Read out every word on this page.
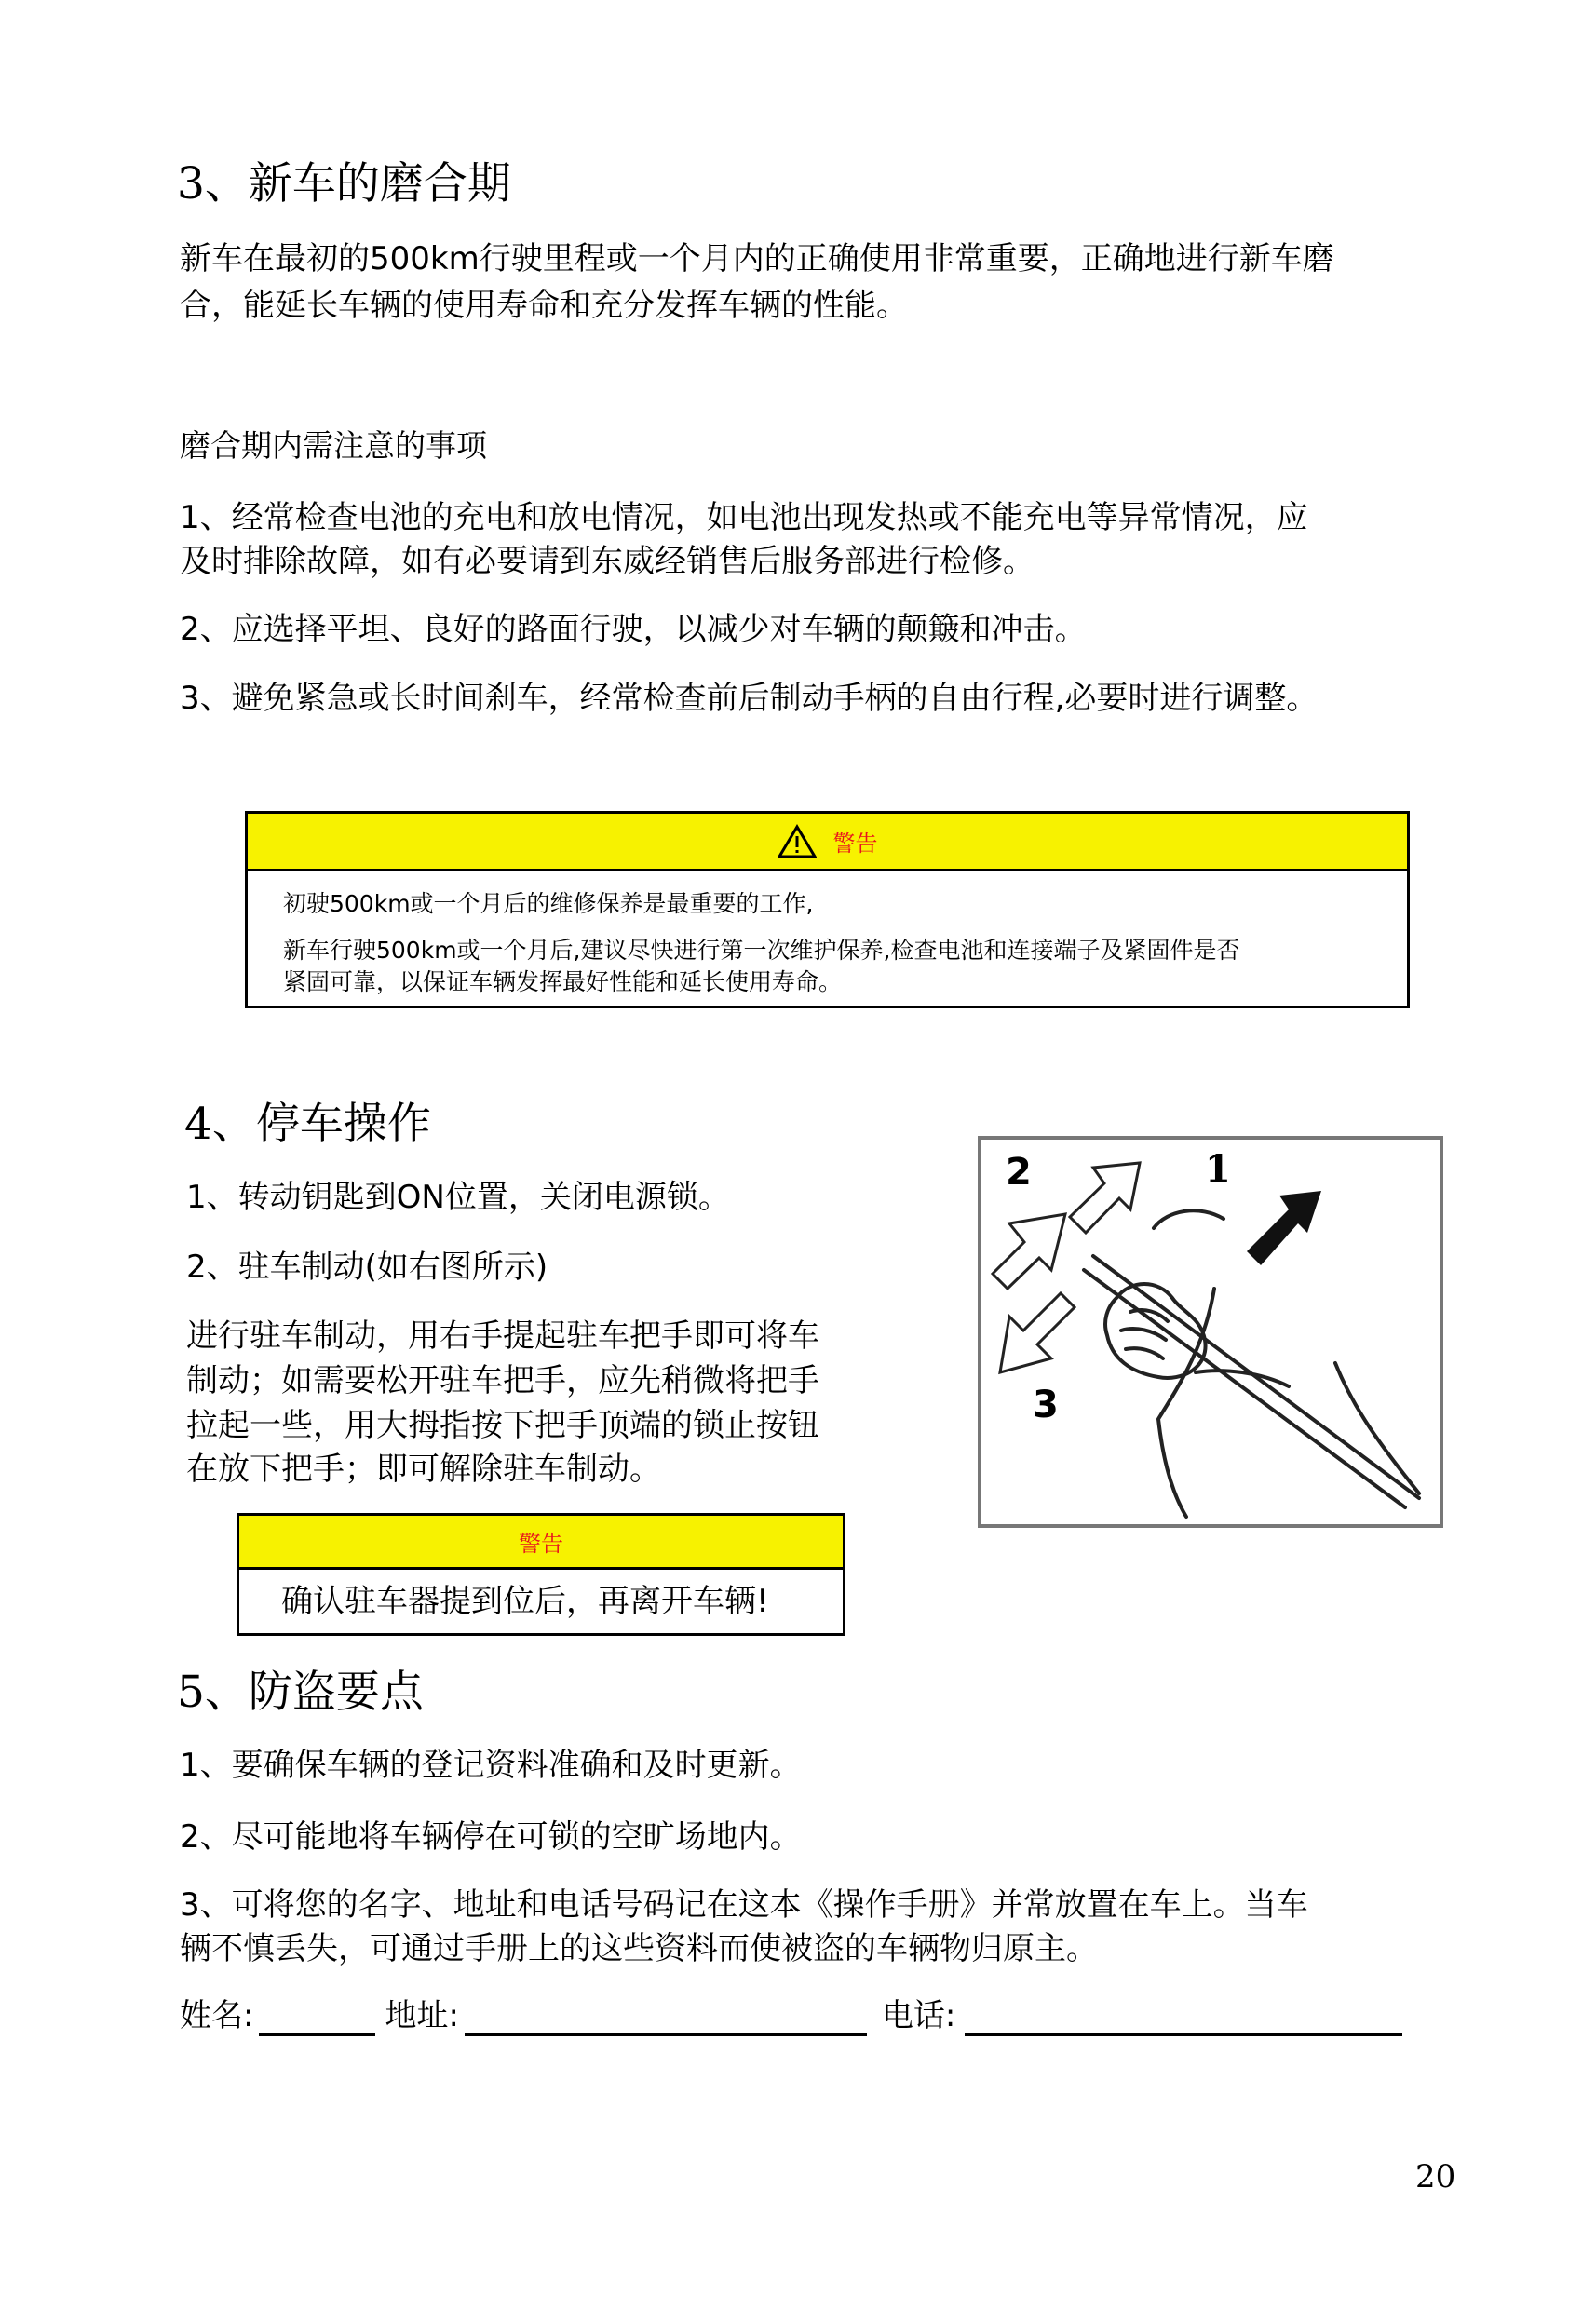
3、新车的磨合期
新车在最初的500km行驶里程或一个月内的正确使用非常重要，正确地进行新车磨
合，能延长车辆的使用寿命和充分发挥车辆的性能。
磨合期内需注意的事项
1、经常检查电池的充电和放电情况，如电池出现发热或不能充电等异常情况，应
及时排除故障，如有必要请到东威经销售后服务部进行检修。
2、应选择平坦、良好的路面行驶，以减少对车辆的颠簸和冲击。
3、避免紧急或长时间刹车，经常检查前后制动手柄的自由行程,必要时进行调整。
警告
初驶500km或一个月后的维修保养是最重要的工作,
新车行驶500km或一个月后,建议尽快进行第一次维护保养,检查电池和连接端子及紧固件是否
紧固可靠，以保证车辆发挥最好性能和延长使用寿命。
4、停车操作
1、转动钥匙到ON位置，关闭电源锁。
2、驻车制动(如右图所示)
进行驻车制动，用右手提起驻车把手即可将车
制动；如需要松开驻车把手，应先稍微将把手
拉起一些，用大拇指按下把手顶端的锁止按钮
在放下把手；即可解除驻车制动。
警告
确认驻车器提到位后，再离开车辆!
1
2
3
5、防盗要点
1、要确保车辆的登记资料准确和及时更新。
2、尽可能地将车辆停在可锁的空旷场地内。
3、可将您的名字、地址和电话号码记在这本《操作手册》并常放置在车上。当车
辆不慎丢失，可通过手册上的这些资料而使被盗的车辆物归原主。
姓名:	地址:	电话:
20
